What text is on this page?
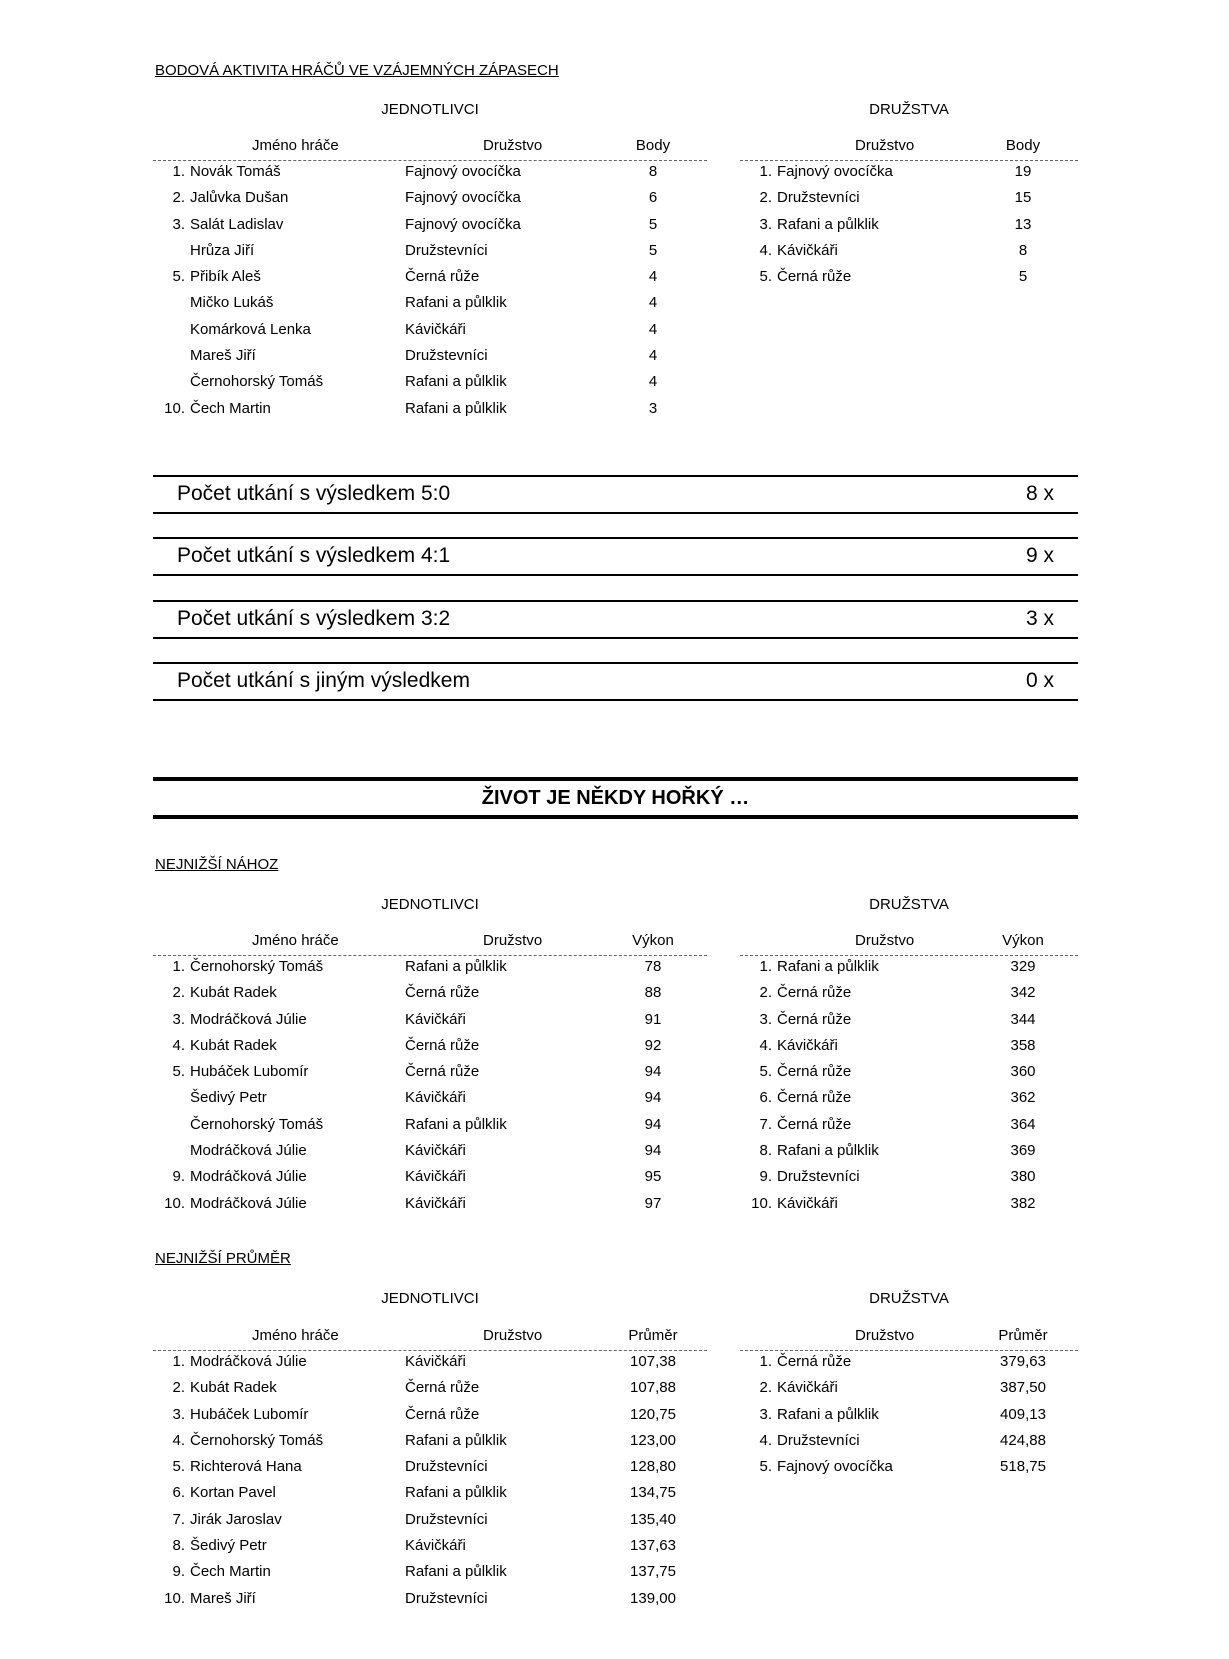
BODOVÁ AKTIVITA HRÁČŮ VE VZÁJEMNÝCH ZÁPASECH
JEDNOTLIVCI	DRUŽSTVA
Jméno hráče	Družstvo	Body
1. Novák Tomáš	Fajnový ovocíčka	8
2. Jalůvka Dušan	Fajnový ovocíčka	6
3. Salát Ladislav	Fajnový ovocíčka	5
Hrůza Jiří	Družstevníci	5
5. Přibík Aleš	Černá růže	4
Mičko Lukáš	Rafani a půlklik	4
Komárková Lenka	Kávičkáři	4
Mareš Jiří	Družstevníci	4
Černohorský Tomáš	Rafani a půlklik	4
10. Čech Martin	Rafani a půlklik	3
Družstvo	Body
1. Fajnový ovocíčka	19
2. Družstevníci	15
3. Rafani a půlklik	13
4. Kávičkáři	8
5. Černá růže	5
Počet utkání s výsledkem 5:0	8 x
Počet utkání s výsledkem 4:1	9 x
Počet utkání s výsledkem 3:2	3 x
Počet utkání s jiným výsledkem	0 x
ŽIVOT JE NĚKDY HOŘKÝ …
NEJNIŽŠÍ NÁHOZ
JEDNOTLIVCI	DRUŽSTVA
Jméno hráče	Družstvo	Výkon
1. Černohorský Tomáš	Rafani a půlklik	78
2. Kubát Radek	Černá růže	88
3. Modráčková Júlie	Kávičkáři	91
4. Kubát Radek	Černá růže	92
5. Hubáček Lubomír	Černá růže	94
Šedivý Petr	Kávičkáři	94
Černohorský Tomáš	Rafani a půlklik	94
Modráčková Júlie	Kávičkáři	94
9. Modráčková Júlie	Kávičkáři	95
10. Modráčková Júlie	Kávičkáři	97
Družstvo	Výkon
1. Rafani a půlklik	329
2. Černá růže	342
3. Černá růže	344
4. Kávičkáři	358
5. Černá růže	360
6. Černá růže	362
7. Černá růže	364
8. Rafani a půlklik	369
9. Družstevníci	380
10. Kávičkáři	382
NEJNIŽŠÍ PRŮMĚR
JEDNOTLIVCI	DRUŽSTVA
Jméno hráče	Družstvo	Průměr
1. Modráčková Júlie	Kávičkáři	107,38
2. Kubát Radek	Černá růže	107,88
3. Hubáček Lubomír	Černá růže	120,75
4. Černohorský Tomáš	Rafani a půlklik	123,00
5. Richterová Hana	Družstevníci	128,80
6. Kortan Pavel	Rafani a půlklik	134,75
7. Jirák Jaroslav	Družstevníci	135,40
8. Šedivý Petr	Kávičkáři	137,63
9. Čech Martin	Rafani a půlklik	137,75
10. Mareš Jiří	Družstevníci	139,00
Družstvo	Průměr
1. Černá růže	379,63
2. Kávičkáři	387,50
3. Rafani a půlklik	409,13
4. Družstevníci	424,88
5. Fajnový ovocíčka	518,75
